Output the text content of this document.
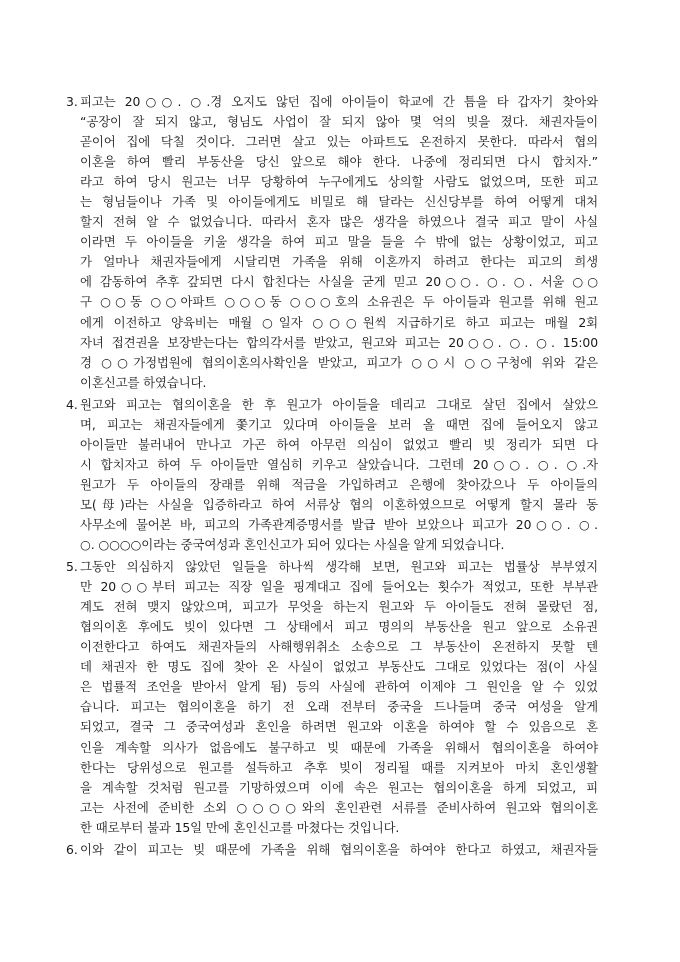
3. 피고는 20○○. ○.경 오지도 않던 집에 아이들이 학교에 간 틈을 타 갑자기 찾아와
“공장이 잘 되지 않고, 형님도 사업이 잘 되지 않아 몇 억의 빚을 졌다. 채권자들이
곧이어 집에 닥칠 것이다. 그러면 살고 있는 아파트도 온전하지 못한다. 따라서 협의
이혼을 하여 빨리 부동산을 당신 앞으로 해야 한다. 나중에 정리되면 다시 합치자.”
라고 하여 당시 원고는 너무 당황하여 누구에게도 상의할 사람도 없었으며, 또한 피고
는 형님들이나 가족 및 아이들에게도 비밀로 해 달라는 신신당부를 하여 어떻게 대처
할지 전혀 알 수 없었습니다. 따라서 혼자 많은 생각을 하였으나 결국 피고 말이 사실
이라면 두 아이들을 키울 생각을 하여 피고 말을 들을 수 밖에 없는 상황이었고, 피고
가 얼마나 채권자들에게 시달리면 가족을 위해 이혼까지 하려고 한다는 피고의 희생
에 감동하여 추후 갚되면 다시 합친다는 사실을 굳게 믿고 20○○. ○. ○. 서울 ○○
구 ○○동 ○○아파트 ○○○동 ○○○호의 소유권은 두 아이들과 원고를 위해 원고
에게 이전하고 양육비는 매월 ○일자 ○○○원씩 지급하기로 하고 피고는 매월 2회
자녀 접견권을 보장받는다는 합의각서를 받았고, 원고와 피고는 20○○. ○. ○. 15:00
경 ○○가정법원에 협의이혼의사확인을 받았고, 피고가 ○○시 ○○구청에 위와 같은
이혼신고를 하였습니다.
4. 원고와 피고는 협의이혼을 한 후 원고가 아이들을 데리고 그대로 살던 집에서 살았으
며, 피고는 채권자들에게 쫓기고 있다며 아이들을 보러 올 때면 집에 들어오지 않고
아이들만 불러내어 만나고 가곤 하여 아무런 의심이 없었고 빨리 빚 정리가 되면 다
시 합치자고 하여 두 아이들만 열심히 키우고 살았습니다. 그런데 20○○. ○. ○.자
원고가 두 아이들의 장래를 위해 적금을 가입하려고 은행에 찾아갔으나 두 아이들의
모(母)라는 사실을 입증하라고 하여 서류상 협의 이혼하였으므로 어떻게 할지 몰라 동
사무소에 물어본 바, 피고의 가족관계증명서를 발급 받아 보았으나 피고가 20○○. ○.
○. ○○○○이라는 중국여성과 혼인신고가 되어 있다는 사실을 알게 되었습니다.
5. 그동안 의심하지 않았던 일들을 하나씩 생각해 보면, 원고와 피고는 법률상 부부였지
만 20○○부터 피고는 직장 일을 핑계대고 집에 들어오는 횟수가 적었고, 또한 부부관
계도 전혀 맺지 않았으며, 피고가 무엇을 하는지 원고와 두 아이들도 전혀 몰랐던 점,
협의이혼 후에도 빚이 있다면 그 상태에서 피고 명의의 부동산을 원고 앞으로 소유권
이전한다고 하여도 채권자들의 사해행위취소 소송으로 그 부동산이 온전하지 못할 텐
데 채권자 한 명도 집에 찾아 온 사실이 없었고 부동산도 그대로 있었다는 점(이 사실
은 법률적 조언을 받아서 알게 됨) 등의 사실에 관하여 이제야 그 원인을 알 수 있었
습니다. 피고는 협의이혼을 하기 전 오래 전부터 중국을 드나들며 중국 여성을 알게
되었고, 결국 그 중국여성과 혼인을 하려면 원고와 이혼을 하여야 할 수 있음으로 혼
인을 계속할 의사가 없음에도 불구하고 빚 때문에 가족을 위해서 협의이혼을 하여야
한다는 당위성으로 원고를 설득하고 추후 빚이 정리될 때를 지켜보아 마치 혼인생활
을 계속할 것처럼 원고를 기망하였으며 이에 속은 원고는 협의이혼을 하게 되었고, 피
고는 사전에 준비한 소외 ○○○○와의 혼인관련 서류를 준비사하여 원고와 협의이혼
한 때로부터 불과 15일 만에 혼인신고를 마쳤다는 것입니다.
6. 이와 같이 피고는 빚 때문에 가족을 위해 협의이혼을 하여야 한다고 하였고, 채권자들
